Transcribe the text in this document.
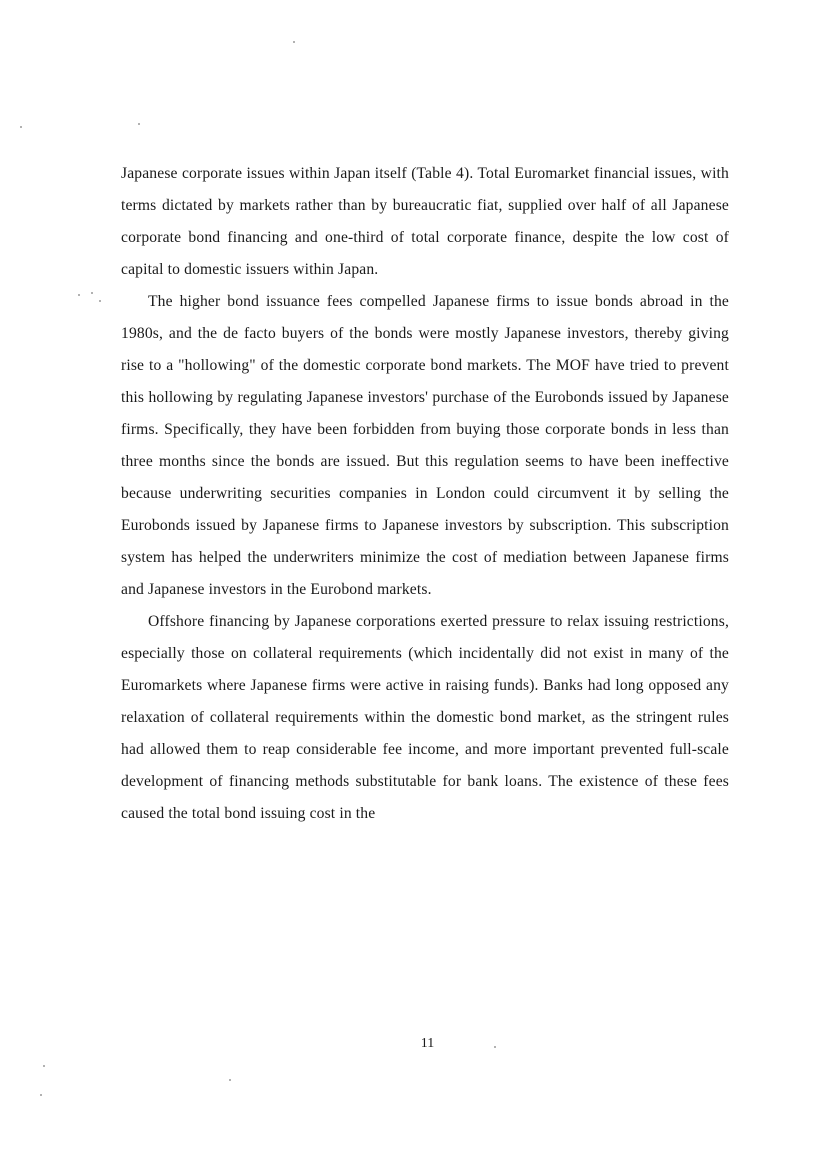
Japanese corporate issues within Japan itself (Table 4). Total Euromarket financial issues, with terms dictated by markets rather than by bureaucratic fiat, supplied over half of all Japanese corporate bond financing and one-third of total corporate finance, despite the low cost of capital to domestic issuers within Japan.

The higher bond issuance fees compelled Japanese firms to issue bonds abroad in the 1980s, and the de facto buyers of the bonds were mostly Japanese investors, thereby giving rise to a "hollowing" of the domestic corporate bond markets. The MOF have tried to prevent this hollowing by regulating Japanese investors' purchase of the Eurobonds issued by Japanese firms. Specifically, they have been forbidden from buying those corporate bonds in less than three months since the bonds are issued. But this regulation seems to have been ineffective because underwriting securities companies in London could circumvent it by selling the Eurobonds issued by Japanese firms to Japanese investors by subscription. This subscription system has helped the underwriters minimize the cost of mediation between Japanese firms and Japanese investors in the Eurobond markets.

Offshore financing by Japanese corporations exerted pressure to relax issuing restrictions, especially those on collateral requirements (which incidentally did not exist in many of the Euromarkets where Japanese firms were active in raising funds). Banks had long opposed any relaxation of collateral requirements within the domestic bond market, as the stringent rules had allowed them to reap considerable fee income, and more important prevented full-scale development of financing methods substitutable for bank loans. The existence of these fees caused the total bond issuing cost in the

11
